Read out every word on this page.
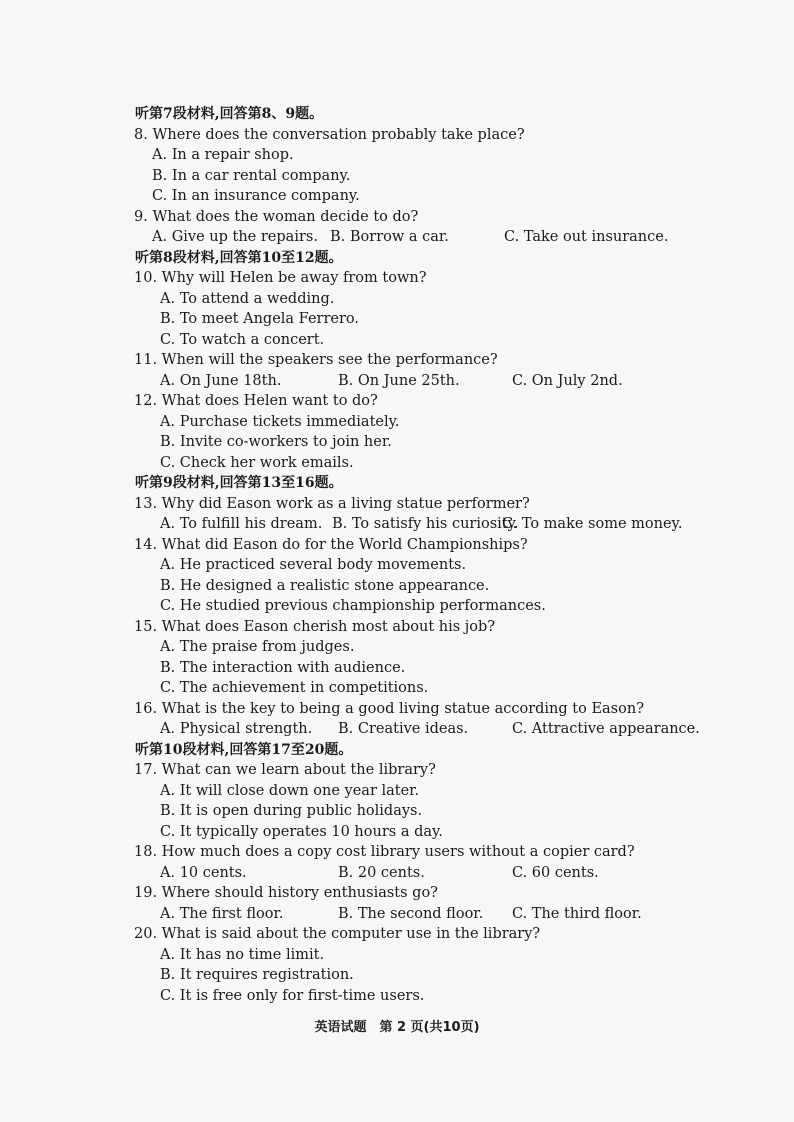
听第7段材料,回答第8、9题。
8. Where does the conversation probably take place?
A. In a repair shop.
B. In a car rental company.
C. In an insurance company.
9. What does the woman decide to do?
A. Give up the repairs. B. Borrow a car.	C. Take out insurance.
听第8段材料,回答第10至12题。
10. Why will Helen be away from town?
A. To attend a wedding.
B. To meet Angela Ferrero.
C. To watch a concert.
11. When will the speakers see the performance?
A. On June 18th.	B. On June 25th.	C. On July 2nd.
12. What does Helen want to do?
A. Purchase tickets immediately.
B. Invite co-workers to join her.
C. Check her work emails.
听第9段材料,回答第13至16题。
13. Why did Eason work as a living statue performer?
A. To fulfill his dream. B. To satisfy his curiosity.
C. To make some money.
14. What did Eason do for the World Championships?
A. He practiced several body movements.
B. He designed a realistic stone appearance.
C. He studied previous championship performances.
15. What does Eason cherish most about his job?
A. The praise from judges.
B. The interaction with audience.
C. The achievement in competitions.
16. What is the key to being a good living statue according to Eason?
A. Physical strength.	B. Creative ideas.	C. Attractive appearance.
听第10段材料,回答第17至20题。
17. What can we learn about the library?
A. It will close down one year later.
B. It is open during public holidays.
C. It typically operates 10 hours a day.
18. How much does a copy cost library users without a copier card?
A. 10 cents.	B. 20 cents.	C. 60 cents.
19. Where should history enthusiasts go?
A. The first floor.	B. The second floor.	C. The third floor.
20. What is said about the computer use in the library?
A. It has no time limit.
B. It requires registration.
C. It is free only for first-time users.
英语试题　第 2 页(共10页)
